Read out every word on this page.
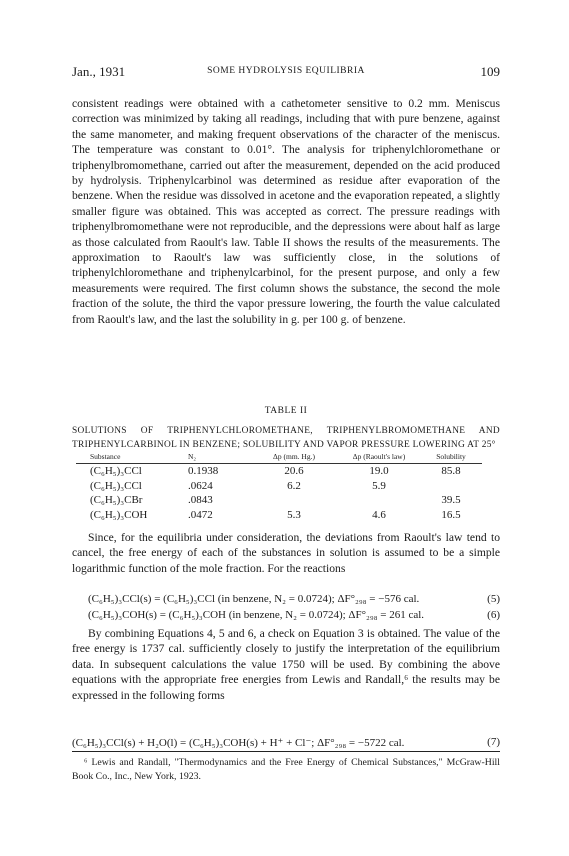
Jan., 1931	SOME HYDROLYSIS EQUILIBRIA	109

consistent readings were obtained with a cathetometer sensitive to 0.2 mm. Meniscus correction was minimized by taking all readings, including that with pure benzene, against the same manometer, and making frequent observations of the character of the meniscus. The temperature was constant to 0.01°. The analysis for triphenylchloromethane or triphenylbromomethane, carried out after the measurement, depended on the acid produced by hydrolysis. Triphenylcarbinol was determined as residue after evaporation of the benzene. When the residue was dissolved in acetone and the evaporation repeated, a slightly smaller figure was obtained. This was accepted as correct. The pressure readings with triphenylbromomethane were not reproducible, and the depressions were about half as large as those calculated from Raoult's law. Table II shows the results of the measurements. The approximation to Raoult's law was sufficiently close, in the solutions of triphenylchloromethane and triphenylcarbinol, for the present purpose, and only a few measurements were required. The first column shows the substance, the second the mole fraction of the solute, the third the vapor pressure lowering, the fourth the value calculated from Raoult's law, and the last the solubility in g. per 100 g. of benzene.

TABLE II
SOLUTIONS OF TRIPHENYLCHLOROMETHANE, TRIPHENYLBROMOMETHANE AND TRIPHENYLCARBINOL IN BENZENE; SOLUBILITY AND VAPOR PRESSURE LOWERING AT 25°
Substance	N₂	Δp (mm. Hg.)	Δp (Raoult's law)	Solubility
(C₆H₅)₃CCl	0.1938	20.6	19.0	85.8
(C₆H₅)₃CCl	.0624	6.2	5.9	
(C₆H₅)₃CBr	.0843			39.5
(C₆H₅)₃COH	.0472	5.3	4.6	16.5

Since, for the equilibria under consideration, the deviations from Raoult's law tend to cancel, the free energy of each of the substances in solution is assumed to be a simple logarithmic function of the mole fraction. For the reactions

(C₆H₅)₃CCl(s) = (C₆H₅)₃CCl (in benzene, N₂ = 0.0724); ΔF°₂₉₈ = −576 cal.	(5)
(C₆H₅)₃COH(s) = (C₆H₅)₃COH (in benzene, N₂ = 0.0724); ΔF°₂₉₈ = 261 cal.	(6)

By combining Equations 4, 5 and 6, a check on Equation 3 is obtained. The value of the free energy is 1737 cal. sufficiently closely to justify the interpretation of the equilibrium data. In subsequent calculations the value 1750 will be used. By combining the above equations with the appropriate free energies from Lewis and Randall,⁶ the results may be expressed in the following forms

(C₆H₅)₃CCl(s) + H₂O(l) = (C₆H₅)₃COH(s) + H⁺ + Cl⁻; ΔF°₂₉₈ = −5722 cal.	(7)
⁶ Lewis and Randall, "Thermodynamics and the Free Energy of Chemical Substances," McGraw-Hill Book Co., Inc., New York, 1923.
